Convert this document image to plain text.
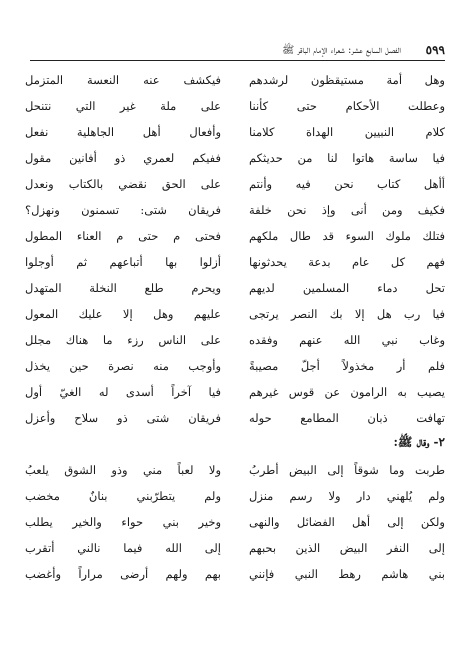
٥٩٩
الفصل السابع عشر: شعراء الإمام الباقر ﷺ
وهل أمة مستيقظون لرشدهم
فيكشف عنه النعسة المتزمل
وعطلت الأحكام حتى كأننا
على ملة غير التي نتنحل
كلام النبيين الهداة كلامنا
وأفعال أهل الجاهلية نفعل
فيا ساسة هاتوا لنا من حديثكم
ففيكم لعمري ذو أفانين مقول
أأهل كتاب نحن فيه وأنتم
على الحق نقضي بالكتاب ونعدل
فكيف ومن أنى وإذ نحن خلفة
فريقان شتى: تسمنون ونهزل؟
فتلك ملوك السوء قد طال ملكهم
فحتى م حتى م العناء المطول
فهم كل عام بدعة يحدثونها
أزلوا بها أتباعهم ثم أوجلوا
تحل دماء المسلمين لديهم
ويحرم طلع النخلة المتهدل
فيا رب هل إلا بك النصر يرتجى
عليهم وهل إلا عليك المعول
وغاب نبي الله عنهم وفقده
على الناس رزء ما هناك مجلل
فلم أر مخذولاً أجلّ مصيبةً
وأوجب منه نصرة حين يخذل
يصيب به الرامون عن قوس غيرهم
فيا آخراً أسدى له الغيّ أول
تهافت ذبان المطامع حوله
فريقان شتى ذو سلاح وأعزل
٢- وقال ﷺ:
طربت وما شوقاً إلى البيض أطربُ
ولا لعباً مني وذو الشوق يلعبُ
ولم يُلهني دار ولا رسم منزل
ولم يتطرّبني بنانٌ مخضب
ولكن إلى أهل الفضائل والنهى
وخير بني حواء والخير يطلب
إلى النفر البيض الذين بحبهم
إلى الله فيما نالني أتقرب
بني هاشم رهط النبي فإنني
بهم ولهم أرضى مراراً وأغضب
